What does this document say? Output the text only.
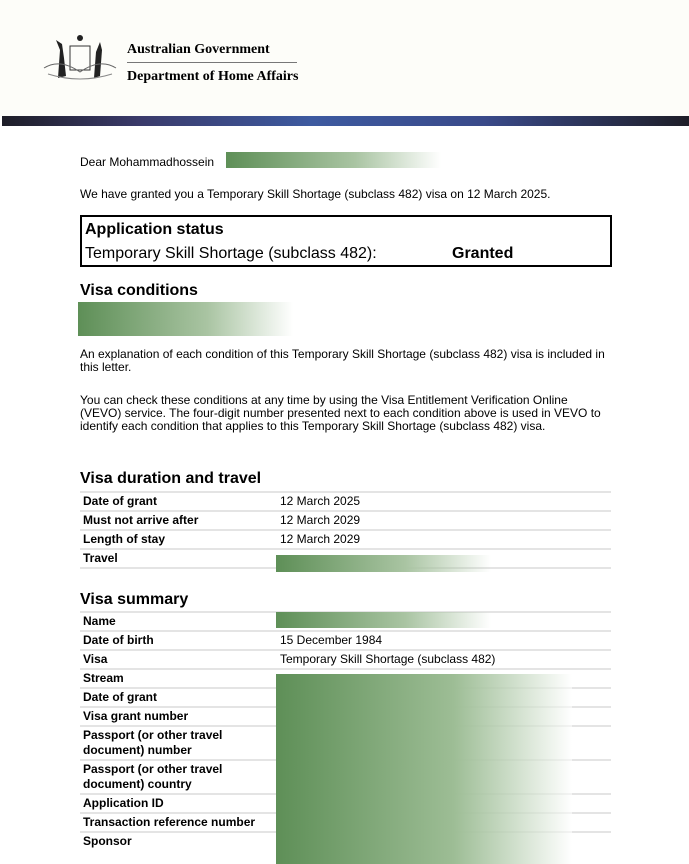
Australian Government
Department of Home Affairs
Dear Mohammadhossein
We have granted you a Temporary Skill Shortage (subclass 482) visa on 12 March 2025.
Application status
Temporary Skill Shortage (subclass 482):	Granted
Visa conditions
An explanation of each condition of this Temporary Skill Shortage (subclass 482) visa is included in this letter.
You can check these conditions at any time by using the Visa Entitlement Verification Online (VEVO) service. The four-digit number presented next to each condition above is used in VEVO to identify each condition that applies to this Temporary Skill Shortage (subclass 482) visa.
Visa duration and travel
Date of grant	12 March 2025
Must not arrive after	12 March 2029
Length of stay	12 March 2029
Travel
Visa summary
Name
Date of birth	15 December 1984
Visa	Temporary Skill Shortage (subclass 482)
Stream
Date of grant
Visa grant number
Passport (or other travel document) number
Passport (or other travel document) country
Application ID
Transaction reference number
Sponsor
